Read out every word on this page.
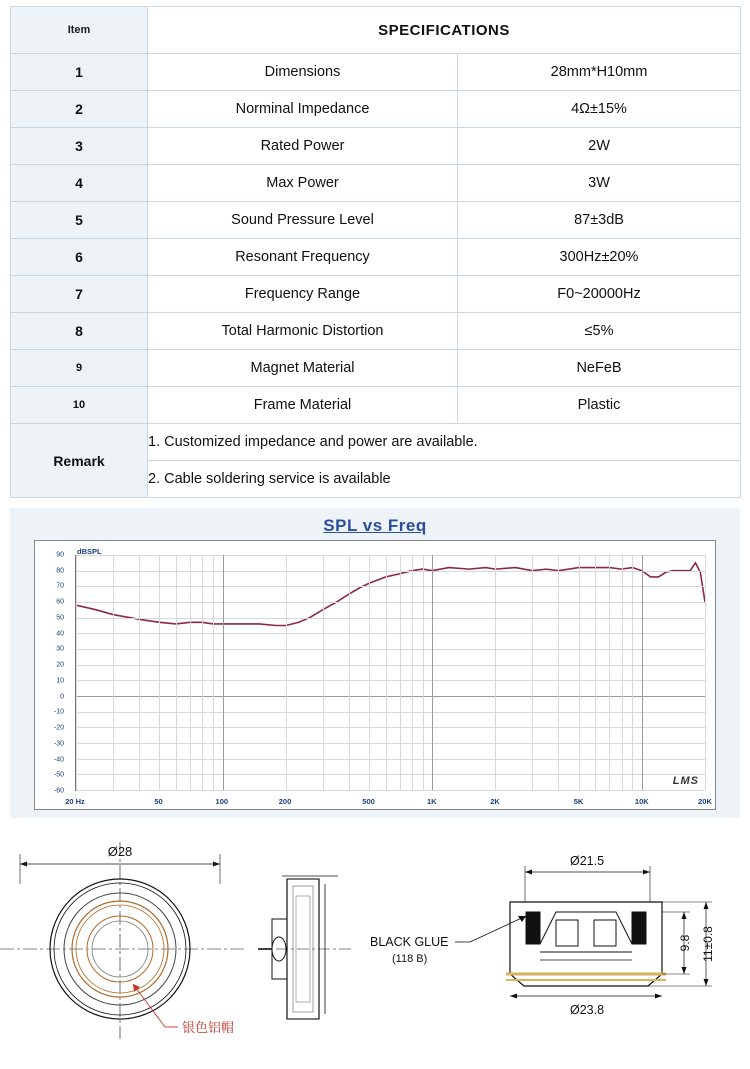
Item	SPECIFICATIONS	
1	Dimensions	28mm*H10mm
2	Norminal Impedance	4Ω±15%
3	Rated Power	2W
4	Max Power	3W
5	Sound Pressure Level	87±3dB
6	Resonant Frequency	300Hz±20%
7	Frequency Range	F0~20000Hz
8	Total Harmonic Distortion	≤5%
9	Magnet Material	NeFeB
10	Frame Material	Plastic
Remark	1. Customized impedance and power are available.	
	2. Cable soldering service is available	
SPL vs Freq
dBSPL
90
80
70
60
50
40
30
20
10
0
-10
-20
-30
-40
-50
-60
20 Hz	50	100	200	500	1K	2K	5K	10K	20K
LMS
Ø28
银色铝帽
BLACK GLUE
(118 B)
Ø21.5
Ø23.8
9.8 11±0.8
